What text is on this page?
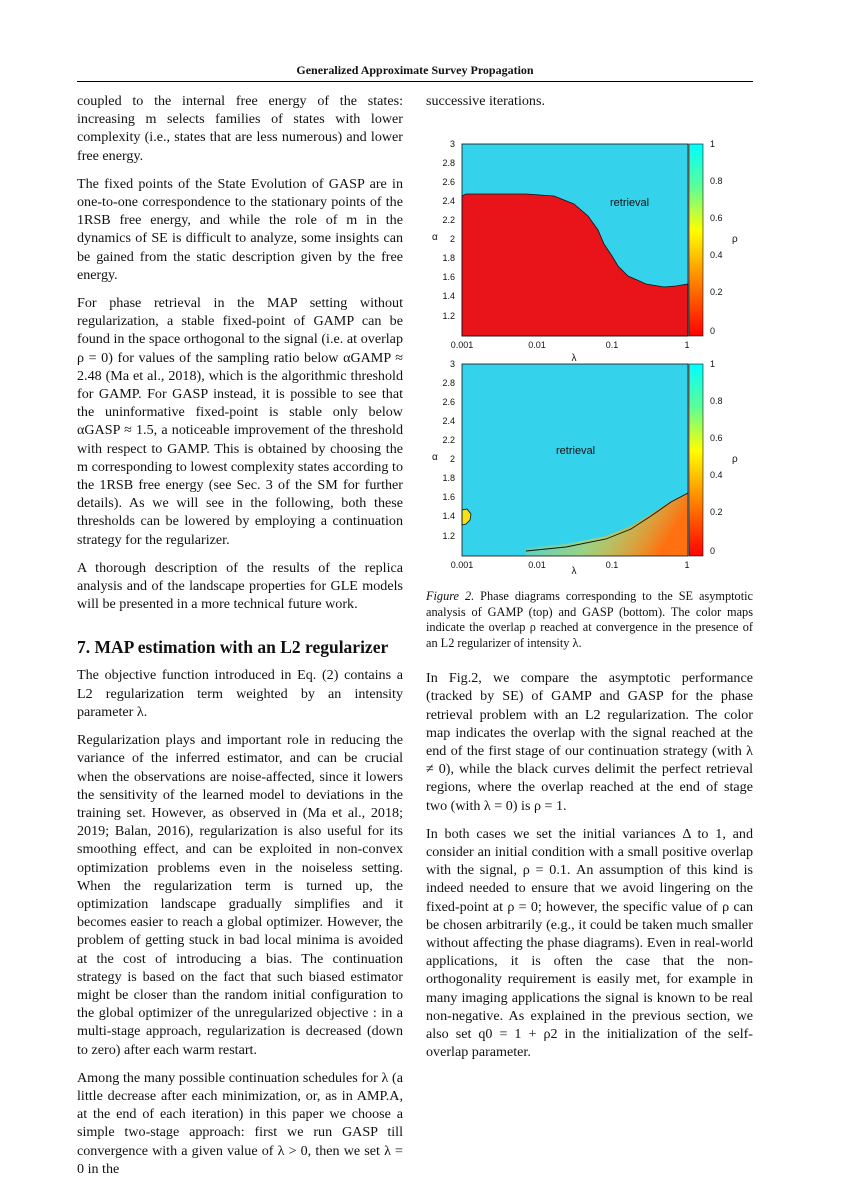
Generalized Approximate Survey Propagation

coupled to the internal free energy of the states: increasing m selects families of states with lower complexity (i.e., states that are less numerous) and lower free energy.

The fixed points of the State Evolution of GASP are in one-to-one correspondence to the stationary points of the 1RSB free energy, and while the role of m in the dynamics of SE is difficult to analyze, some insights can be gained from the static description given by the free energy.

For phase retrieval in the MAP setting without regularization, a stable fixed-point of GAMP can be found in the space orthogonal to the signal (i.e. at overlap ρ = 0) for values of the sampling ratio below αGAMP ≈ 2.48 (Ma et al., 2018), which is the algorithmic threshold for GAMP. For GASP instead, it is possible to see that the uninformative fixed-point is stable only below αGASP ≈ 1.5, a noticeable improvement of the threshold with respect to GAMP. This is obtained by choosing the m corresponding to lowest complexity states according to the 1RSB free energy (see Sec. 3 of the SM for further details). As we will see in the following, both these thresholds can be lowered by employing a continuation strategy for the regularizer.

A thorough description of the results of the replica analysis and of the landscape properties for GLE models will be presented in a more technical future work.

7. MAP estimation with an L2 regularizer

The objective function introduced in Eq. (2) contains a L2 regularization term weighted by an intensity parameter λ.

Regularization plays and important role in reducing the variance of the inferred estimator, and can be crucial when the observations are noise-affected, since it lowers the sensitivity of the learned model to deviations in the training set. However, as observed in (Ma et al., 2018; 2019; Balan, 2016), regularization is also useful for its smoothing effect, and can be exploited in non-convex optimization problems even in the noiseless setting. When the regularization term is turned up, the optimization landscape gradually simplifies and it becomes easier to reach a global optimizer. However, the problem of getting stuck in bad local minima is avoided at the cost of introducing a bias. The continuation strategy is based on the fact that such biased estimator might be closer than the random initial configuration to the global optimizer of the unregularized objective : in a multi-stage approach, regularization is decreased (down to zero) after each warm restart.

Among the many possible continuation schedules for λ (a little decrease after each minimization, or, as in AMP.A, at the end of each iteration) in this paper we choose a simple two-stage approach: first we run GASP till convergence with a given value of λ > 0, then we set λ = 0 in the

successive iterations.

retrieval
3
2.8
2.6
2.4
2.2
2
1.8
1.6
1.4
1.2
α
0.001	0.01	0.1	1
λ
1
0.8
0.6
0.4
0.2
0
ρ
retrieval
3
2.8
2.6
2.4
2.2
2
1.8
1.6
1.4
1.2
α
0.001	0.01	0.1	1
λ
1
0.8
0.6
0.4
0.2
0
ρ

Figure 2. Phase diagrams corresponding to the SE asymptotic analysis of GAMP (top) and GASP (bottom). The color maps indicate the overlap ρ reached at convergence in the presence of an L2 regularizer of intensity λ.

In Fig.2, we compare the asymptotic performance (tracked by SE) of GAMP and GASP for the phase retrieval problem with an L2 regularization. The color map indicates the overlap with the signal reached at the end of the first stage of our continuation strategy (with λ ≠ 0), while the black curves delimit the perfect retrieval regions, where the overlap reached at the end of stage two (with λ = 0) is ρ = 1.

In both cases we set the initial variances Δ to 1, and consider an initial condition with a small positive overlap with the signal, ρ = 0.1. An assumption of this kind is indeed needed to ensure that we avoid lingering on the fixed-point at ρ = 0; however, the specific value of ρ can be chosen arbitrarily (e.g., it could be taken much smaller without affecting the phase diagrams). Even in real-world applications, it is often the case that the non-orthogonality requirement is easily met, for example in many imaging applications the signal is known to be real non-negative. As explained in the previous section, we also set q0 = 1 + ρ2 in the initialization of the self-overlap parameter.
